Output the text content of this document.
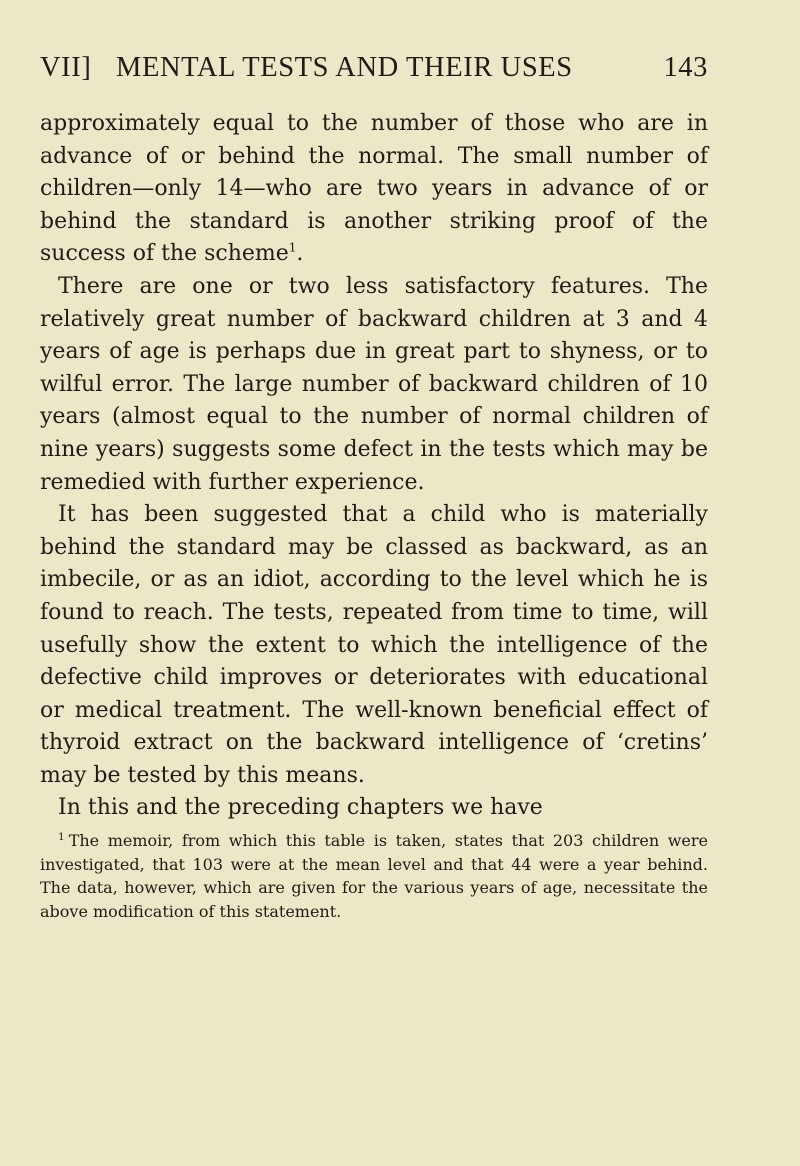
VII] MENTAL TESTS AND THEIR USES	143

approximately equal to the number of those who are in advance of or behind the normal. The small number of children—only 14—who are two years in advance of or behind the standard is another striking proof of the success of the scheme$^1$.

There are one or two less satisfactory features. The relatively great number of backward children at 3 and 4 years of age is perhaps due in great part to shyness, or to wilful error. The large number of backward children of 10 years (almost equal to the number of normal children of nine years) suggests some defect in the tests which may be remedied with further experience.

It has been suggested that a child who is materially behind the standard may be classed as backward, as an imbecile, or as an idiot, according to the level which he is found to reach. The tests, repeated from time to time, will usefully show the extent to which the intelligence of the defective child improves or deteriorates with educational or medical treatment. The well-known beneficial effect of thyroid extract on the backward intelligence of ‘cretins’ may be tested by this means.

In this and the preceding chapters we have

$^1$ The memoir, from which this table is taken, states that 203 children were investigated, that 103 were at the mean level and that 44 were a year behind. The data, however, which are given for the various years of age, necessitate the above modification of this statement.
